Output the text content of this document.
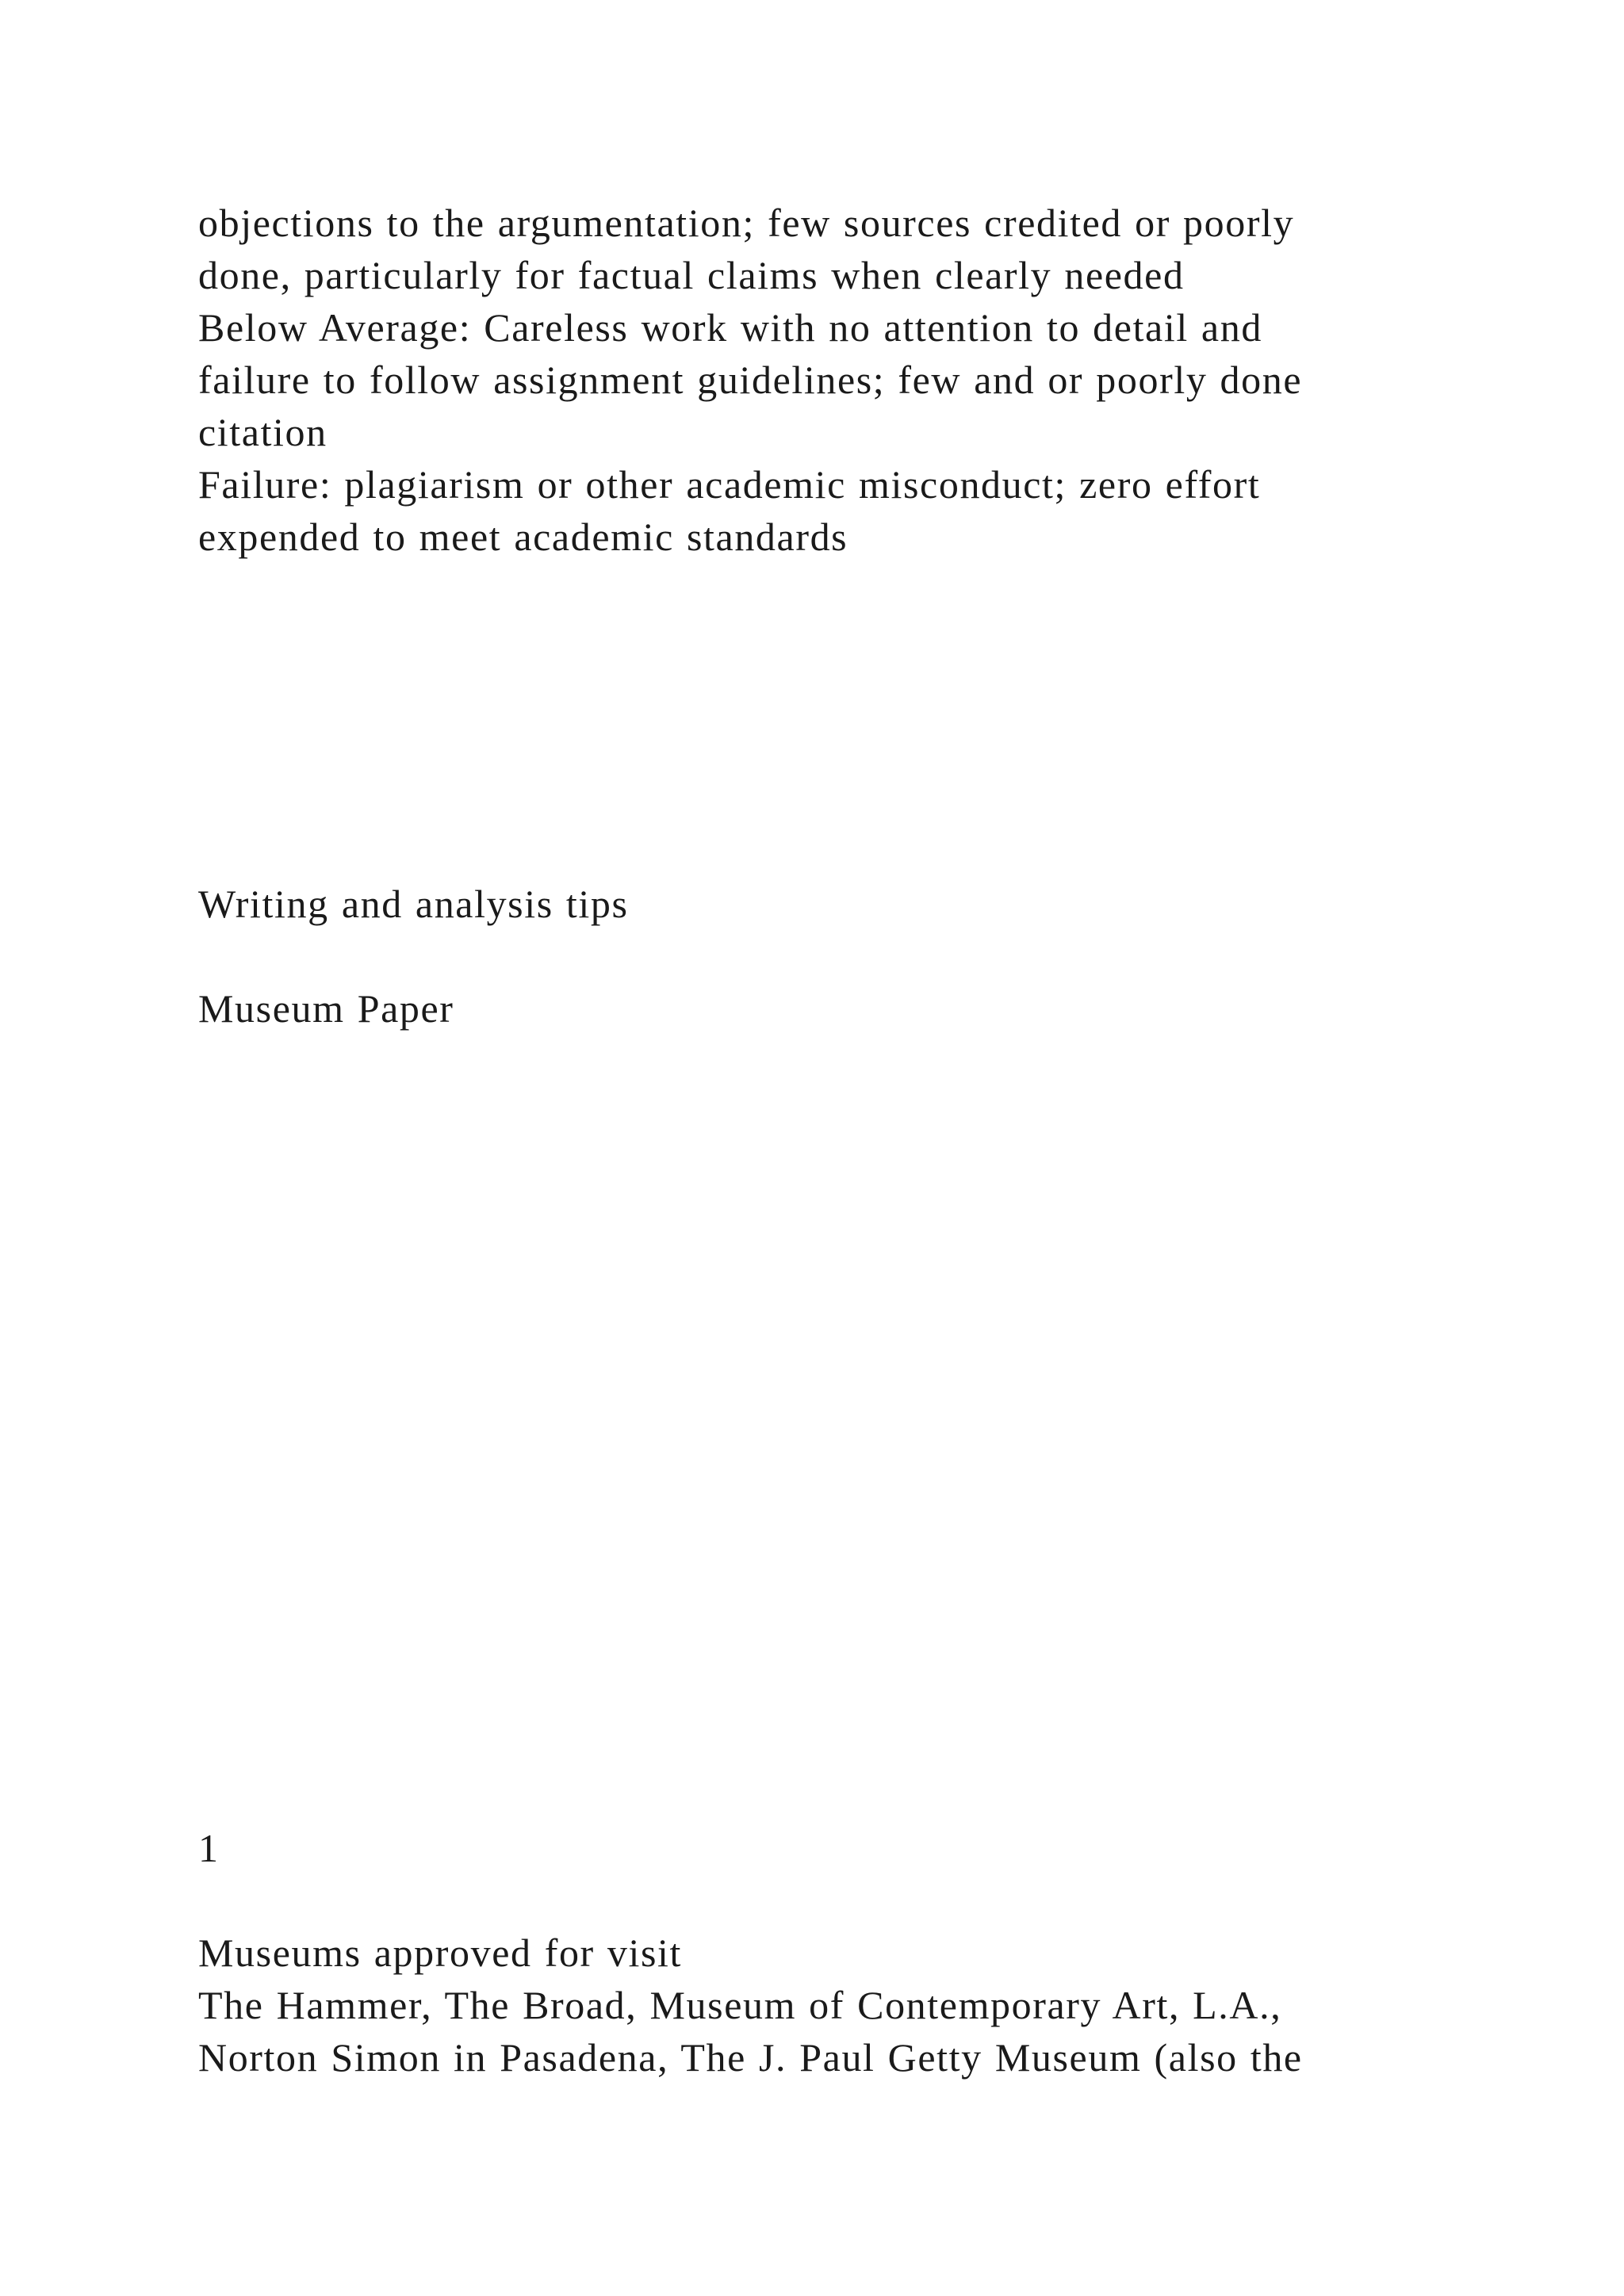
objections to the argumentation; few sources credited or poorly

done, particularly for factual claims when clearly needed

Below Average: Careless work with no attention to detail and

failure to follow assignment guidelines; few and or poorly done

citation

Failure: plagiarism or other academic misconduct; zero effort

expended to meet academic standards

Writing and analysis tips

Museum Paper

1

Museums approved for visit

The Hammer, The Broad, Museum of Contemporary Art, L.A.,

Norton Simon in Pasadena, The J. Paul Getty Museum (also the
